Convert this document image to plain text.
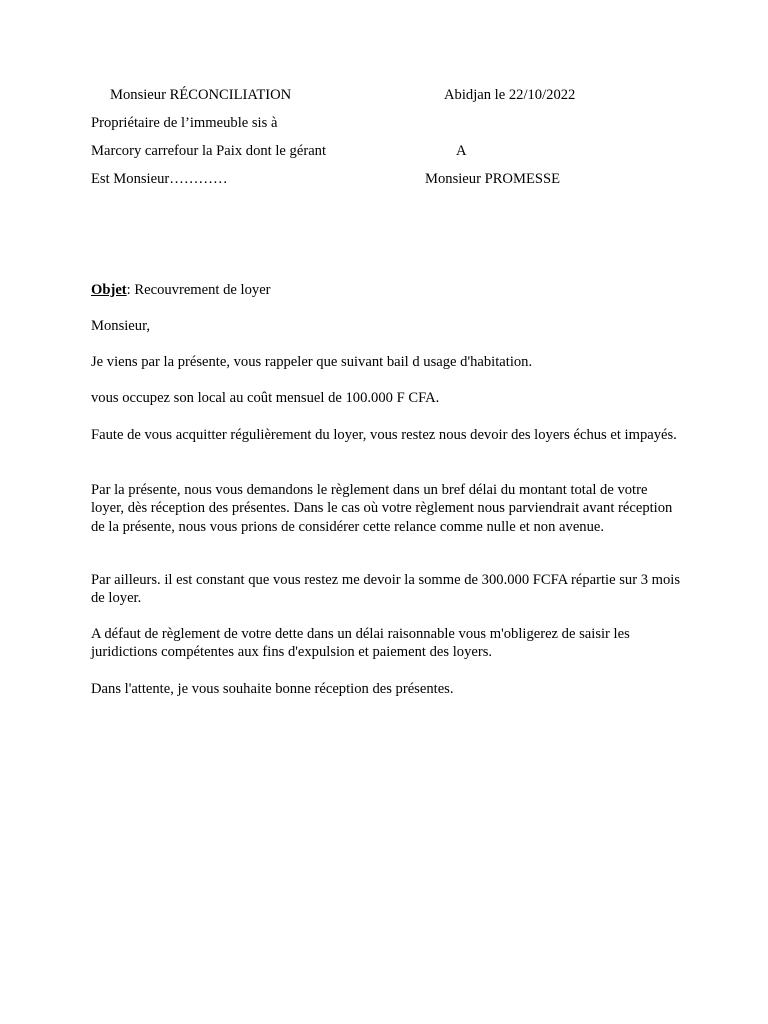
Monsieur RÉCONCILIATION
Propriétaire de l’immeuble sis à
Marcory carrefour la Paix dont le gérant
Est Monsieur…………
Abidjan le 22/10/2022
A
Monsieur PROMESSE
Objet: Recouvrement de loyer
Monsieur,
Je viens par la présente, vous rappeler que suivant bail d usage d'habitation.
vous occupez son local au coût mensuel de 100.000 F CFA.
Faute de vous acquitter régulièrement du loyer, vous restez nous devoir des loyers échus et impayés.
Par la présente, nous vous demandons le règlement dans un bref délai du montant total de votre loyer, dès réception des présentes. Dans le cas où votre règlement nous parviendrait avant réception de la présente, nous vous prions de considérer cette relance comme nulle et non avenue.
Par ailleurs. il est constant que vous restez me devoir la somme de 300.000 FCFA répartie sur 3 mois de loyer.
A défaut de règlement de votre dette dans un délai raisonnable vous m'obligerez de saisir les juridictions compétentes aux fins d'expulsion et paiement des loyers.
Dans l'attente, je vous souhaite bonne réception des présentes.
